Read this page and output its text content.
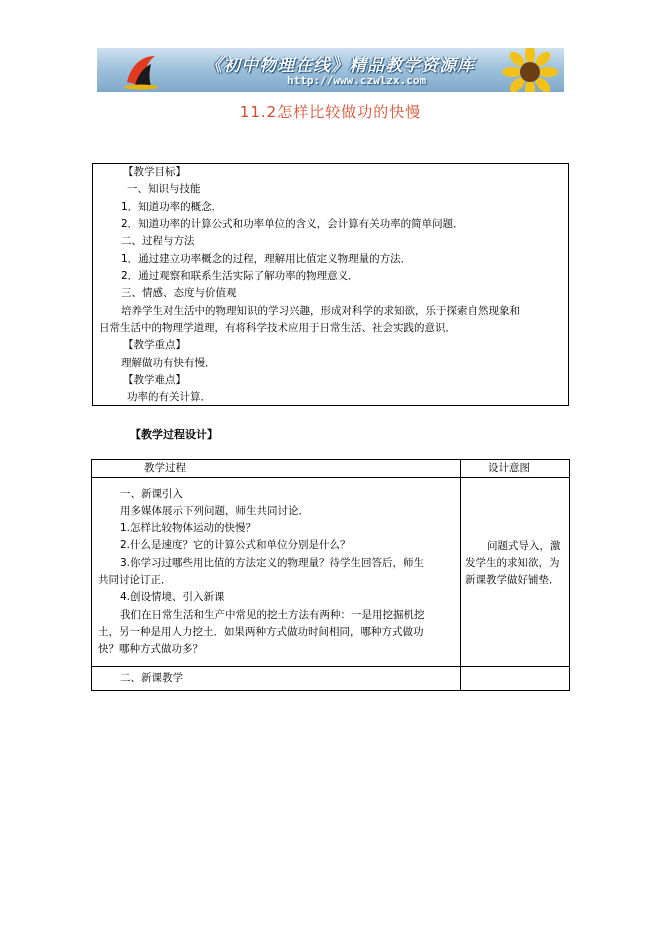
《初中物理在线》精品教学资源库
http://www.czwlzx.com
11.2怎样比较做功的快慢
【教学目标】
一、知识与技能
1．知道功率的概念．
2．知道功率的计算公式和功率单位的含义，会计算有关功率的简单问题．
二、过程与方法
1．通过建立功率概念的过程，理解用比值定义物理量的方法．
2．通过观察和联系生活实际了解功率的物理意义．
三、情感、态度与价值观
培养学生对生活中的物理知识的学习兴趣，形成对科学的求知欲，乐于探索自然现象和
日常生活中的物理学道理，有将科学技术应用于日常生活、社会实践的意识．
【教学重点】
理解做功有快有慢．
【教学难点】
功率的有关计算．
【教学过程设计】
教学过程	设计意图
一、新课引入
用多媒体展示下列问题，师生共同讨论．
1.怎样比较物体运动的快慢？
2.什么是速度？它的计算公式和单位分别是什么？
3.你学习过哪些用比值的方法定义的物理量？待学生回答后，师生
共同讨论订正．
4.创设情境、引入新课
我们在日常生活和生产中常见的挖土方法有两种：一是用挖掘机挖
土，另一种是用人力挖土．如果两种方式做功时间相同，哪种方式做功
快？哪种方式做功多？
问题式导入，激发学生的求知欲，为新课教学做好铺垫．
二、新课教学
